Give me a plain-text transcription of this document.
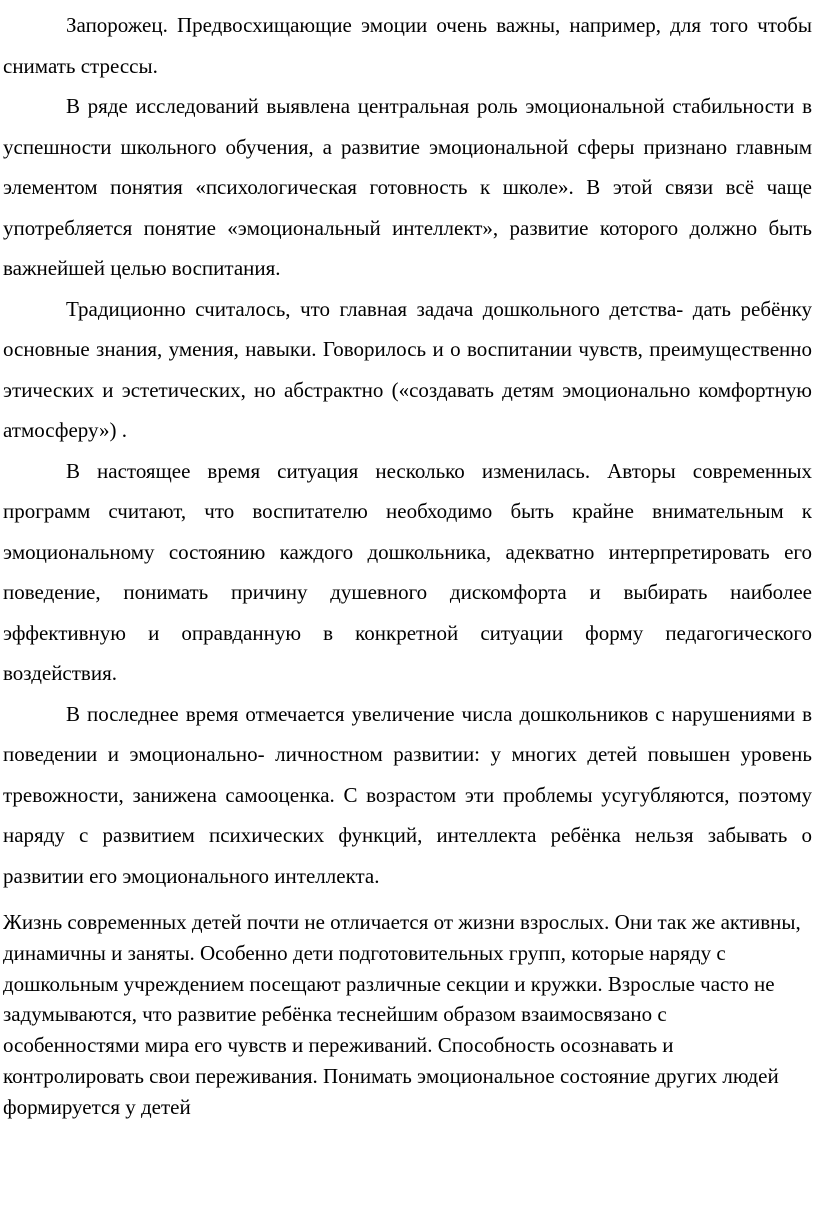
Запорожец. Предвосхищающие эмоции очень важны, например, для того чтобы снимать стрессы.

В ряде исследований выявлена центральная роль эмоциональной стабильности в успешности школьного обучения, а развитие эмоциональной сферы признано главным элементом понятия «психологическая готовность к школе». В этой связи всё чаще употребляется понятие «эмоциональный интеллект», развитие которого должно быть важнейшей целью воспитания.

Традиционно считалось, что главная задача дошкольного детства- дать ребёнку основные знания, умения, навыки. Говорилось и о воспитании чувств, преимущественно этических и эстетических, но абстрактно («создавать детям эмоционально комфортную атмосферу») .

В настоящее время ситуация несколько изменилась. Авторы современных программ считают, что воспитателю необходимо быть крайне внимательным к эмоциональному состоянию каждого дошкольника, адекватно интерпретировать его поведение, понимать причину душевного дискомфорта и выбирать наиболее эффективную и оправданную в конкретной ситуации форму педагогического воздействия.

В последнее время отмечается увеличение числа дошкольников с нарушениями в поведении и эмоционально- личностном развитии: у многих детей повышен уровень тревожности, занижена самооценка. С возрастом эти проблемы усугубляются, поэтому наряду с развитием психических функций, интеллекта ребёнка нельзя забывать о развитии его эмоционального интеллекта.

Жизнь современных детей почти не отличается от жизни взрослых. Они так же активны, динамичны и заняты. Особенно дети подготовительных групп, которые наряду с дошкольным учреждением посещают различные секции и кружки. Взрослые часто не задумываются, что развитие ребёнка теснейшим образом взаимосвязано с особенностями мира его чувств и переживаний. Способность осознавать и контролировать свои переживания. Понимать эмоциональное состояние других людей формируется у детей
